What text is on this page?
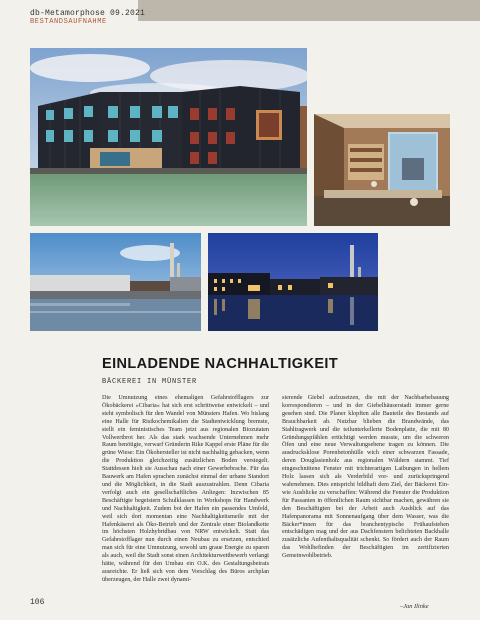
db-Metamorphose 09.2021
BESTANDSAUFNAHME
EINLADENDE NACHHALTIGKEIT
BÄCKEREI IN MÜNSTER

Die Umnutzung eines ehemaligen Gefahrstofflagers zur Ökobäckerei »Cibaria« hat sich erst schrittweise entwickelt – und steht symbolisch für den Wandel von Münsters Hafen. Wo bislang eine Halle für Risikochemikalien die Stadtentwicklung bremste, stellt ein feministisches Team jetzt aus regionalen Biozutaten Vollwertbrot her. Als das stark wachsende Unternehmen mehr Raum benötigte, verwarf Gründerin Rike Kappel erste Pläne für die grüne Wiese: Ein Ökohersteller ist nicht nachhaltig gebacken, wenn die Produktion gleichzeitig zusätzlichen Boden versiegelt. Stattdessen hielt sie Ausschau nach einer Gewerbebrache. Für das Bauwerk am Hafen sprachen zunächst einmal der urbane Standort und die Möglichkeit, in die Stadt auszustrahlen. Denn Cibaria verfolgt auch ein gesellschaftliches Anliegen: Inzwischen 85 Beschäftigte begeistern Schulklassen in Workshops für Handwerk und Nachhaltigkeit. Zudem bot der Hafen ein passendes Umfeld, weil sich dort momentan eine Nachhaltigkeitsmeile mit der Hafenkäserei als Öko-Betrieb und der Zentrale einer Biolandkette im höchsten Holzhybridbau von NRW entwickelt. Statt das Gefahrstofflager nun durch einen Neubau zu ersetzen, entschied man sich für eine Umnutzung, sowohl um graue Energie zu sparen als auch, weil die Stadt sonst einen Architekturwettbewerb verlangt hätte, während für den Umbau ein O.K. des Gestaltungsbeirats ausreichte. Er ließ sich von dem Vorschlag des Büros archplan überzeugen, der Halle zwei dynami-

sierende Giebel aufzusetzen, die mit der Nachbarbebauung korrespondieren – und in der Giebelhäuserstadt immer gerne gesehen sind. Die Planer klopften alle Bauteile des Bestands auf Brauchbarkeit ab. Nutzbar blieben die Brandwände, das Stahltragwerk und die teilunterkellerte Bodenplatte, die mit 80 Gründungspfählen ertüchtigt werden musste, um die schweren Öfen und eine neue Verwaltungsebene tragen zu können. Die ausdrucksklose Porenbetonhülle wich einer schwarzen Fassade, deren Douglasienholz aus regionalen Wäldern stammt. Tief eingeschnittene Fenster mit trichterartigen Laibungen in hellem Holz lassen sich als Verderbild vor- und zurückspringend wahrnehmen. Dies entspricht bildhaft dem Ziel, der Bäckerei Ein- wie Ausblicke zu verschaffen: Während die Fenster die Produktion für Passanten in öffentlichen Raum sichtbar machen, gewähren sie den Beschäftigten bei der Arbeit auch Ausblick auf das Hafenpanorama mit Sonnenaufgang über dem Wasser, was die Bäcker*innen für das branchentypische Frühaufstehen entschädigen mag und der aus Dachfenstern belichteten Backhalle zusätzliche Aufenthaltsqualität schenkt. So fördert auch der Raum das Wohlbefinden der Beschäftigten im zertifizierten Gemeinwohlbetrieb.

–Jan Ilinke
106
